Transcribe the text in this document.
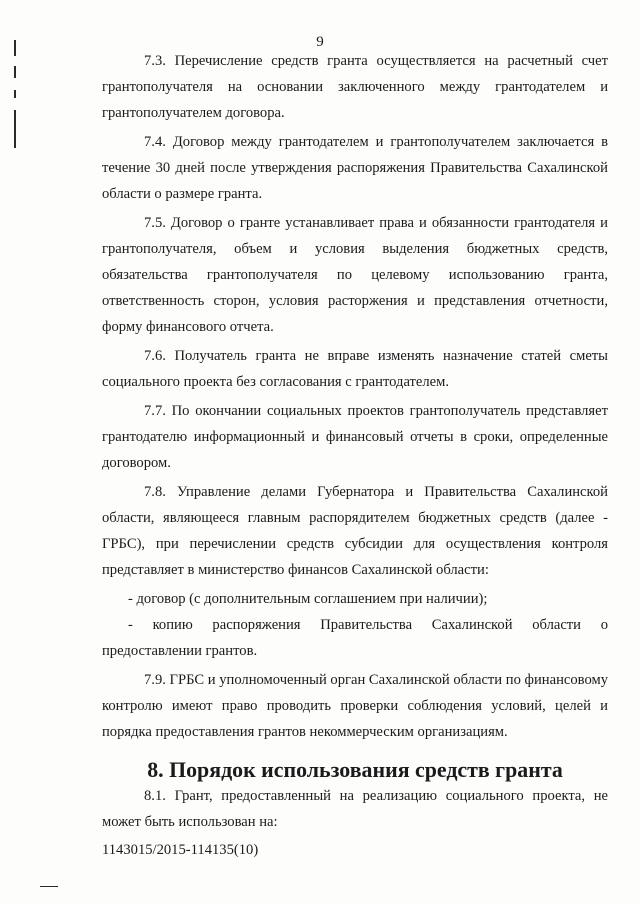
9

7.3. Перечисление средств гранта осуществляется на расчетный счет грантополучателя на основании заключенного между грантодателем и грантополучателем договора.

7.4. Договор между грантодателем и грантополучателем заключается в течение 30 дней после утверждения распоряжения Правительства Сахалинской области о размере гранта.

7.5. Договор о гранте устанавливает права и обязанности грантодателя и грантополучателя, объем и условия выделения бюджетных средств, обязательства грантополучателя по целевому использованию гранта, ответственность сторон, условия расторжения и представления отчетности, форму финансового отчета.

7.6. Получатель гранта не вправе изменять назначение статей сметы социального проекта без согласования с грантодателем.

7.7. По окончании социальных проектов грантополучатель представляет грантодателю информационный и финансовый отчеты в сроки, определенные договором.

7.8. Управление делами Губернатора и Правительства Сахалинской области, являющееся главным распорядителем бюджетных средств (далее - ГРБС), при перечислении средств субсидии для осуществления контроля представляет в министерство финансов Сахалинской области:

- договор (с дополнительным соглашением при наличии);

- копию распоряжения Правительства Сахалинской области о предоставлении грантов.

7.9. ГРБС и уполномоченный орган Сахалинской области по финансовому контролю имеют право проводить проверки соблюдения условий, целей и порядка предоставления грантов некоммерческим организациям.

8. Порядок использования средств гранта

8.1. Грант, предоставленный на реализацию социального проекта, не может быть использован на:

1143015/2015-114135(10)
